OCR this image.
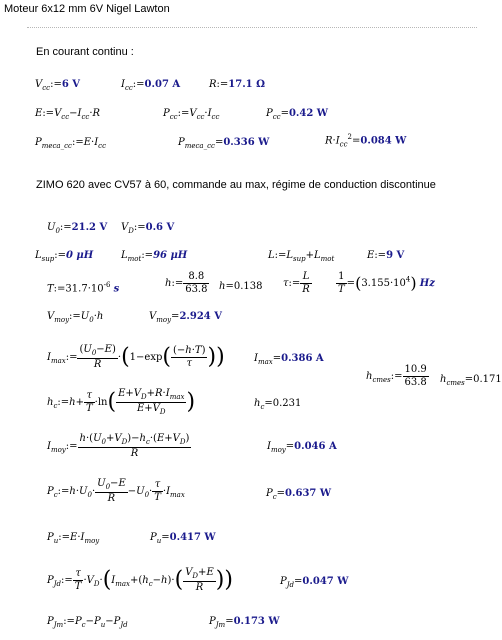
Moteur 6x12 mm 6V Nigel Lawton
En courant continu :
$V_{cc}:=6$ V	$I_{cc}:=0.07$ A	R:=17.1 Ω
$E:=V_{cc}-I_{cc}\cdot R$	$P_{cc}:=V_{cc}\cdot I_{cc}$	$P_{cc}=0.42$ W
$P_{meca\_cc}:=E\cdot I_{cc}$	$P_{meca\_cc}=0.336$ W	$R\cdot I_{cc}^2=0.084$ W
ZIMO 620 avec CV57 à 60, commande au max, régime de conduction discontinue
$U_0:=21.2$ V $V_D:=0.6$ V
$L_{sup}:=0$ μH	$L_{mot}:=96$ μH	$L:=L_{sup}+L_{mot}$	E:=9 V
$T:=31.7\cdot 10^{-6}$ s	h:= $\frac{8.8}{63.8} h=0.138$ τ:= $\frac{L}{R} \frac{1}{T} =(3.155\cdot 10^4)$ Hz
$V_{moy}:=U_0\cdot h$	$V_{moy}=2.924$ V
$I_{max}:= \frac{(U_0-E)}{R} \cdot(1-\exp( \frac{(-h\cdot T)}{\tau}$ ))	$I_{max}=0.386$ A
$h_{cmes}:= \frac{10.9}{63.8} h_{cmes}=0.171$
$h_c:=h+ \frac{\tau}{T} \cdot\ln( \frac{E+V_D+R\cdot I_{max}}{E+V_D}$ )	$h_c=0.231$
$I_{moy}:= \frac{h\cdot(U_0+V_D)-h_c\cdot(E+V_D)}{R}$	$I_{moy}=0.046$ A
$P_c:=h\cdot U_0\cdot \frac{U_0-E}{R} -U_0\cdot \frac{\tau}{T} \cdot I_{max}$	$P_c=0.637$ W
$P_u:=E\cdot I_{moy}$	$P_u=0.417$ W
$P_{Jd}:= \frac{\tau}{T} \cdot V_D\cdot(I_{max}+(h_c-h)\cdot( \frac{V_D+E}{R}$ ))	$P_{Jd}=0.047$ W
$P_{Jm}:=P_c-P_u-P_{Jd}$	$P_{Jm}=0.173$ W
